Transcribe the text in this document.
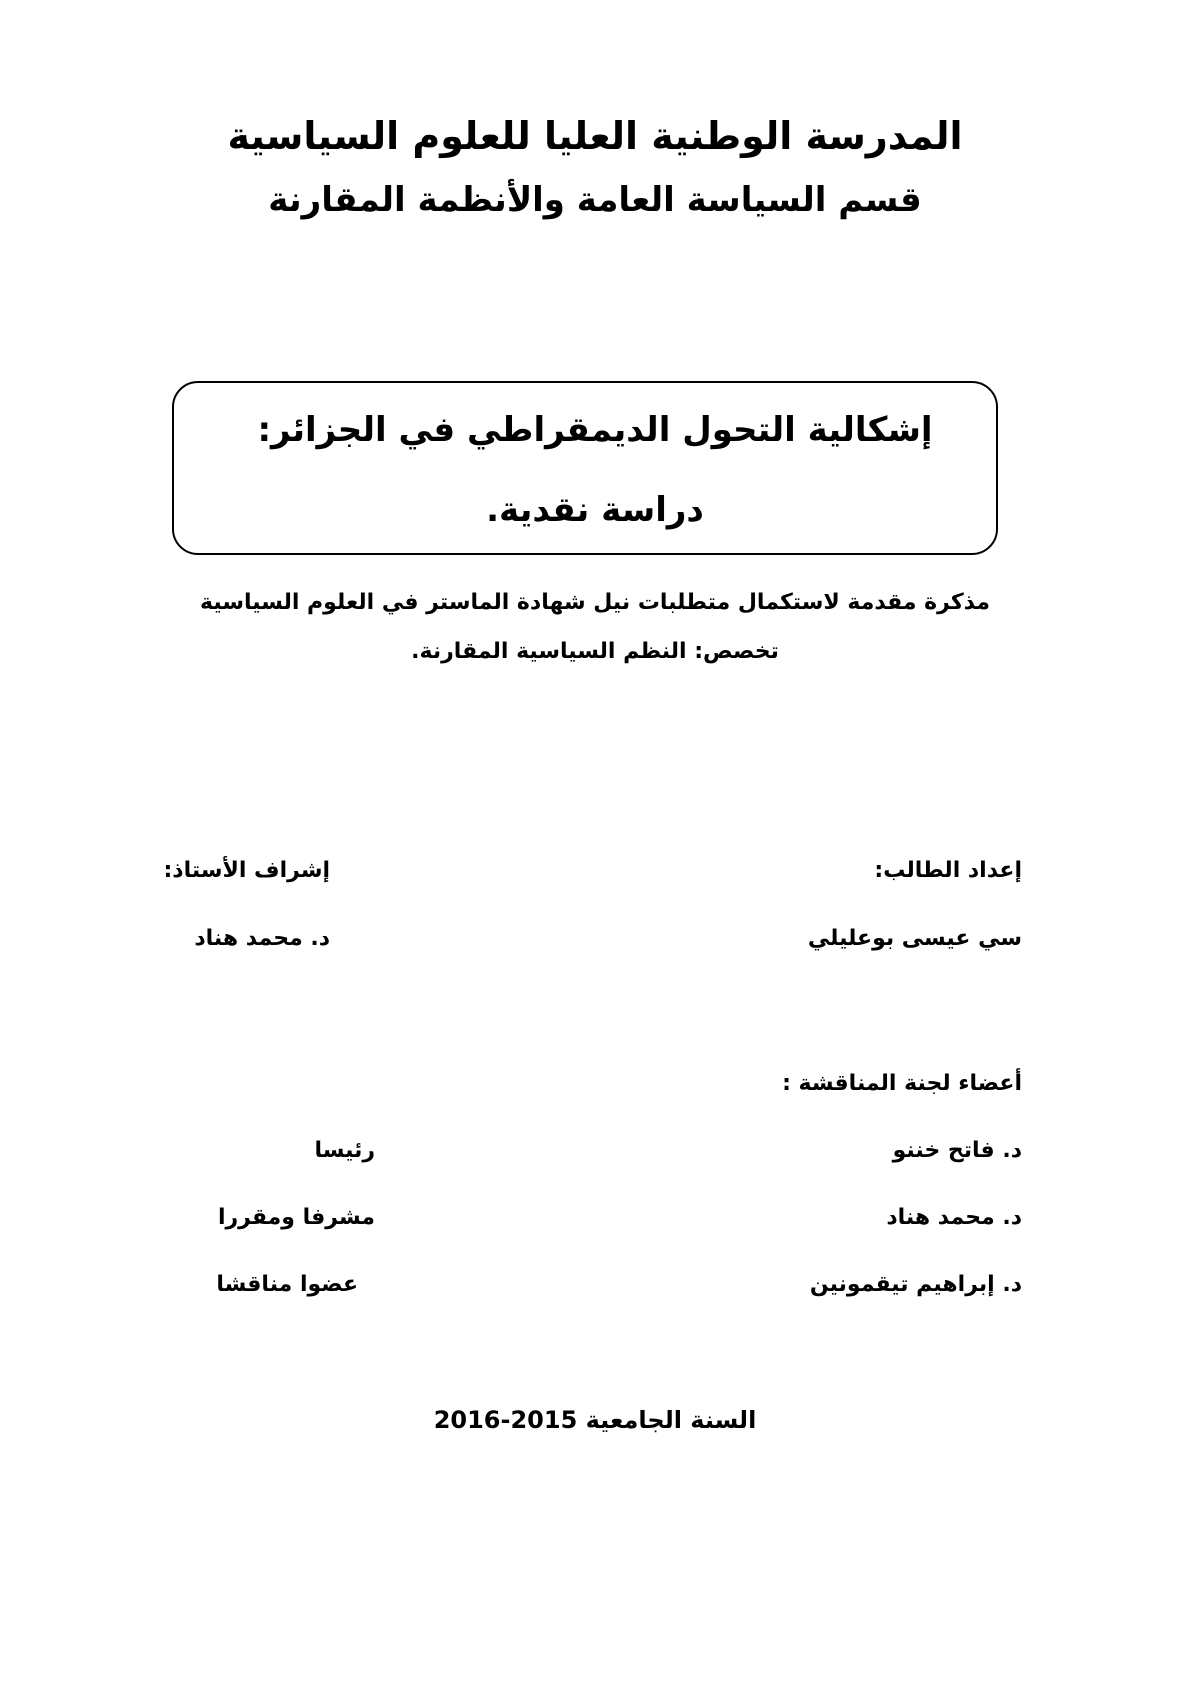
المدرسة الوطنية العليا للعلوم السياسية
قسم السياسة العامة والأنظمة المقارنة
إشكالية التحول الديمقراطي في الجزائر:
دراسة نقدية.
مذكرة مقدمة لاستكمال متطلبات نيل شهادة الماستر في العلوم السياسية
تخصص: النظم السياسية المقارنة.
إعداد الطالب:
إشراف الأستاذ:
سي عيسى بوعليلي
د. محمد هناد
أعضاء لجنة المناقشة :
د. فاتح خننو
رئيسا
د. محمد هناد
مشرفا ومقررا
د. إبراهيم تيقمونين
عضوا مناقشا
السنة الجامعية 2015-2016
